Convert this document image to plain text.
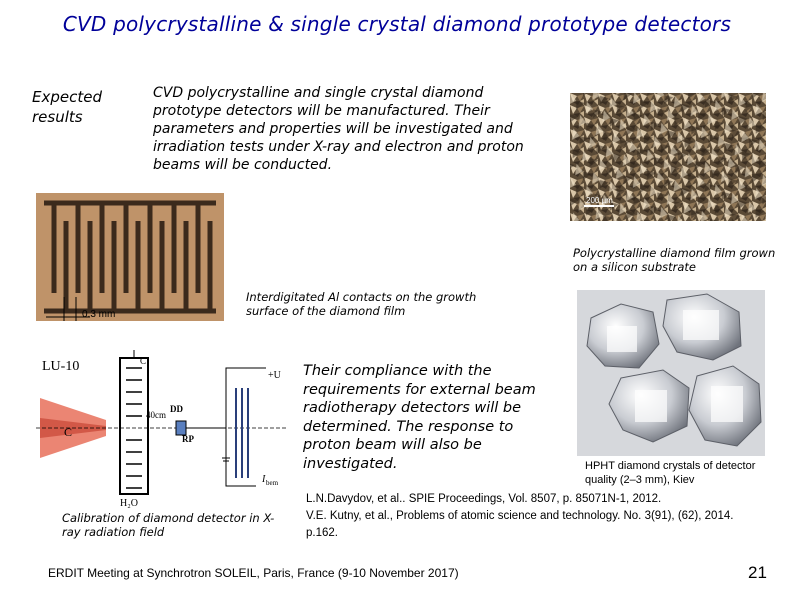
CVD polycrystalline & single crystal diamond prototype detectors
Expected results
CVD polycrystalline and single crystal diamond prototype detectors will be manufactured. Their parameters and properties will be investigated and irradiation tests under X-ray and electron and proton beams will be conducted.
200 µm
Polycrystalline diamond film grown on a silicon substrate
0.3 mm
Interdigitated Al contacts on the growth surface of the diamond film
LU-10
C
C
H₂O
DD
RP
40cm
+U
I bem
Calibration of diamond detector in X-ray radiation field
Their compliance with the requirements for external beam radiotherapy detectors will be determined. The response to proton beam will also be investigated.	HPHT diamond crystals of detector quality (2–3 mm), Kiev
L.N.Davydov, et al.. SPIE Proceedings, Vol. 8507, p. 85071N-1, 2012.
V.E. Kutny, et al., Problems of atomic science and technology. No. 3(91), (62), 2014. p.162.
ERDIT Meeting at Synchrotron SOLEIL, Paris, France (9-10 November 2017)	21
